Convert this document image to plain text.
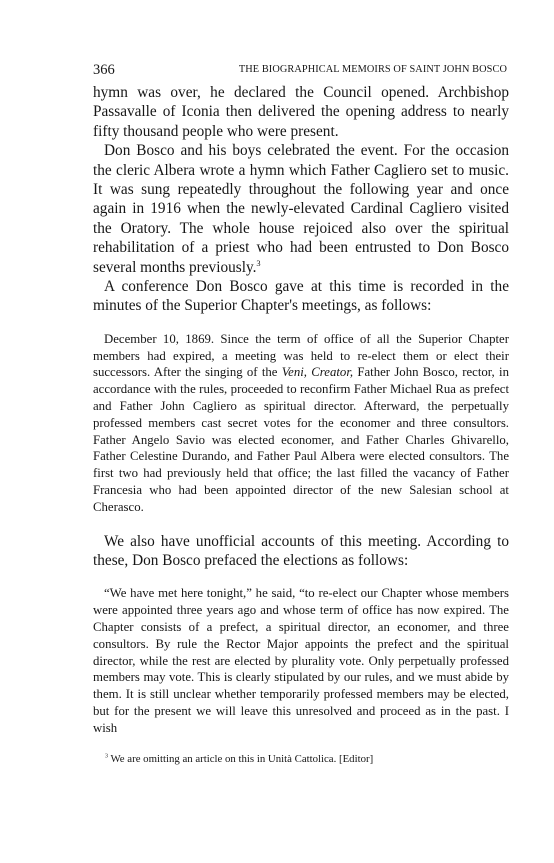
366	THE BIOGRAPHICAL MEMOIRS OF SAINT JOHN BOSCO

hymn was over, he declared the Council opened. Archbishop Passavalle of Iconia then delivered the opening address to nearly fifty thousand people who were present.

Don Bosco and his boys celebrated the event. For the occasion the cleric Albera wrote a hymn which Father Cagliero set to music. It was sung repeatedly throughout the following year and once again in 1916 when the newly-elevated Cardinal Cagliero visited the Oratory. The whole house rejoiced also over the spiritual rehabilitation of a priest who had been entrusted to Don Bosco several months previously.$^3$

A conference Don Bosco gave at this time is recorded in the minutes of the Superior Chapter's meetings, as follows:

December 10, 1869. Since the term of office of all the Superior Chapter members had expired, a meeting was held to re-elect them or elect their successors. After the singing of the Veni, Creator, Father John Bosco, rector, in accordance with the rules, proceeded to reconfirm Father Michael Rua as prefect and Father John Cagliero as spiritual director. Afterward, the perpetually professed members cast secret votes for the economer and three consultors. Father Angelo Savio was elected economer, and Father Charles Ghivarello, Father Celestine Durando, and Father Paul Albera were elected consultors. The first two had previously held that office; the last filled the vacancy of Father Francesia who had been appointed director of the new Salesian school at Cherasco.

We also have unofficial accounts of this meeting. According to these, Don Bosco prefaced the elections as follows:

“We have met here tonight,” he said, “to re-elect our Chapter whose members were appointed three years ago and whose term of office has now expired. The Chapter consists of a prefect, a spiritual director, an economer, and three consultors. By rule the Rector Major appoints the prefect and the spiritual director, while the rest are elected by plurality vote. Only perpetually professed members may vote. This is clearly stipulated by our rules, and we must abide by them. It is still unclear whether temporarily professed members may be elected, but for the present we will leave this unresolved and proceed as in the past. I wish

$^3$ We are omitting an article on this in Unità Cattolica. [Editor]
